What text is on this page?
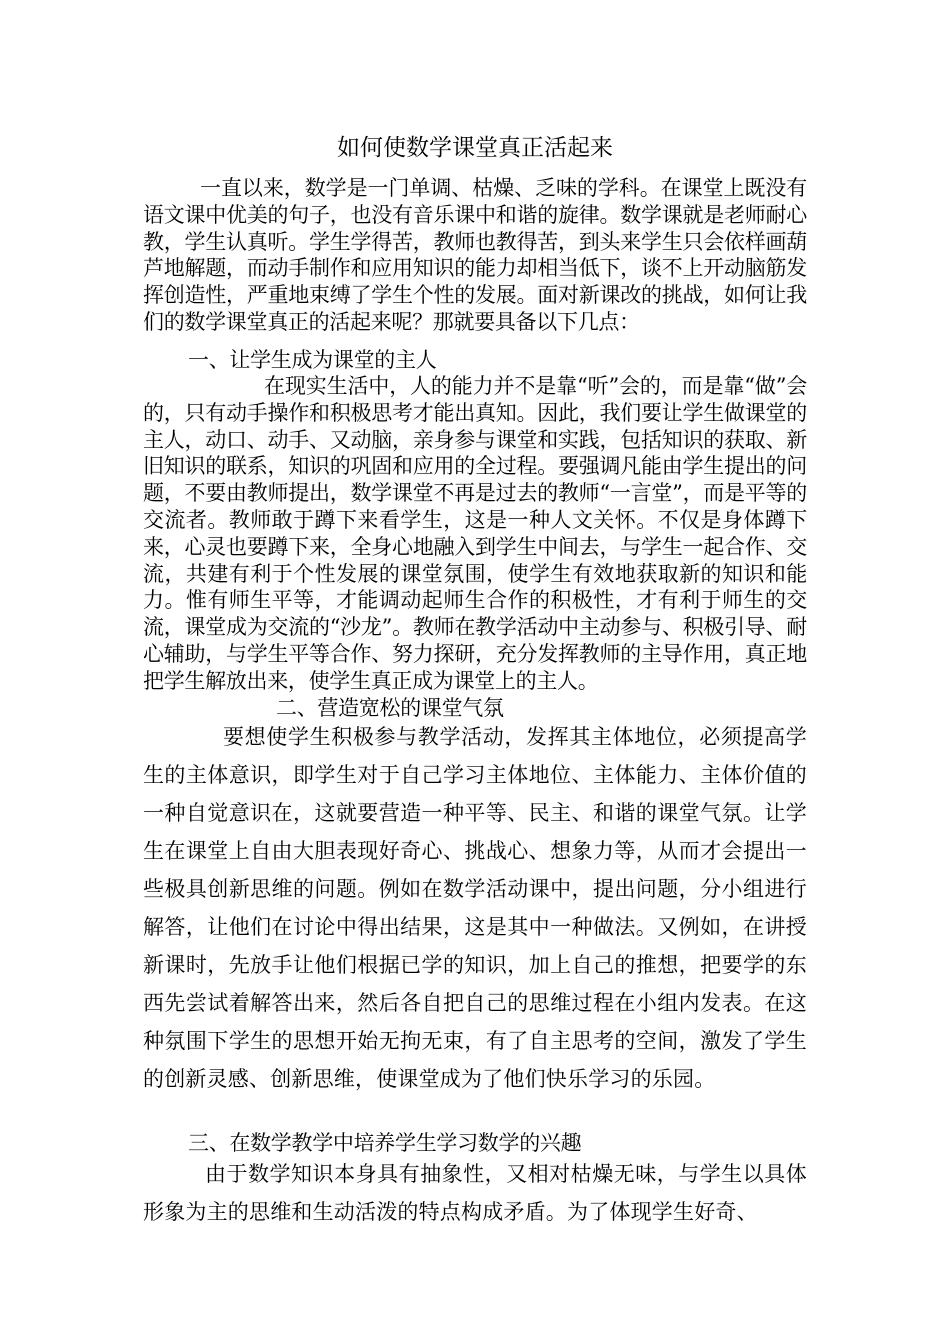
如何使数学课堂真正活起来

一直以来，数学是一门单调、枯燥、乏味的学科。在课堂上既没有语文课中优美的句子，也没有音乐课中和谐的旋律。数学课就是老师耐心教，学生认真听。学生学得苦，教师也教得苦，到头来学生只会依样画葫芦地解题，而动手制作和应用知识的能力却相当低下，谈不上开动脑筋发挥创造性，严重地束缚了学生个性的发展。面对新课改的挑战，如何让我们的数学课堂真正的活起来呢？那就要具备以下几点：

一、让学生成为课堂的主人

在现实生活中，人的能力并不是靠“听”会的，而是靠“做”会的，只有动手操作和积极思考才能出真知。因此，我们要让学生做课堂的主人，动口、动手、又动脑，亲身参与课堂和实践，包括知识的获取、新旧知识的联系，知识的巩固和应用的全过程。要强调凡能由学生提出的问题，不要由教师提出，数学课堂不再是过去的教师“一言堂”，而是平等的交流者。教师敢于蹲下来看学生，这是一种人文关怀。不仅是身体蹲下来，心灵也要蹲下来，全身心地融入到学生中间去，与学生一起合作、交流，共建有利于个性发展的课堂氛围，使学生有效地获取新的知识和能力。惟有师生平等，才能调动起师生合作的积极性，才有利于师生的交流，课堂成为交流的“沙龙”。教师在教学活动中主动参与、积极引导、耐心辅助，与学生平等合作、努力探研，充分发挥教师的主导作用，真正地把学生解放出来，使学生真正成为课堂上的主人。

二、营造宽松的课堂气氛

要想使学生积极参与教学活动，发挥其主体地位，必须提高学生的主体意识，即学生对于自己学习主体地位、主体能力、主体价值的一种自觉意识在，这就要营造一种平等、民主、和谐的课堂气氛。让学生在课堂上自由大胆表现好奇心、挑战心、想象力等，从而才会提出一些极具创新思维的问题。例如在数学活动课中，提出问题，分小组进行解答，让他们在讨论中得出结果，这是其中一种做法。又例如，在讲授新课时，先放手让他们根据已学的知识，加上自己的推想，把要学的东西先尝试着解答出来，然后各自把自己的思维过程在小组内发表。在这种氛围下学生的思想开始无拘无束，有了自主思考的空间，激发了学生的创新灵感、创新思维，使课堂成为了他们快乐学习的乐园。

三、在数学教学中培养学生学习数学的兴趣

由于数学知识本身具有抽象性，又相对枯燥无味，与学生以具体形象为主的思维和生动活泼的特点构成矛盾。为了体现学生好奇、
